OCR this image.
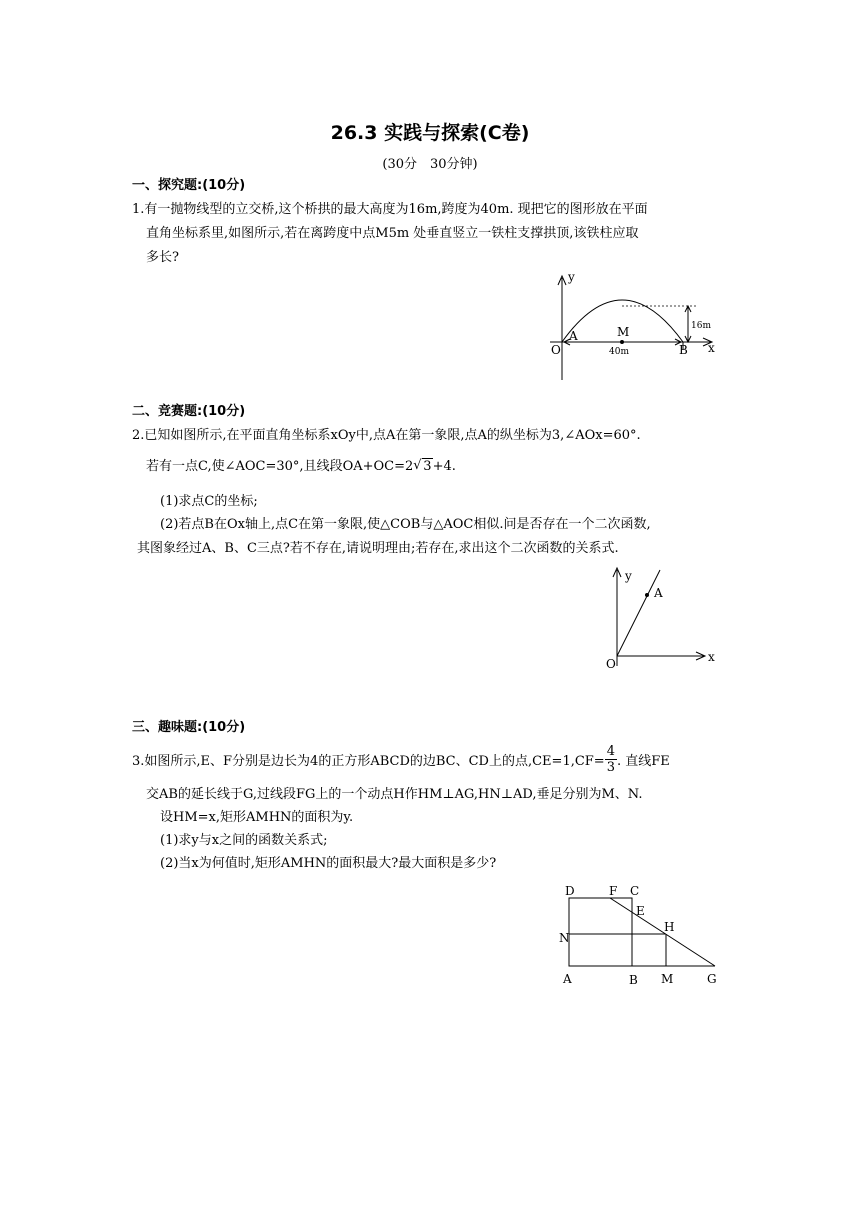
26.3 实践与探索(C卷)
(30分　30分钟)
一、探究题:(10分)
1.有一抛物线型的立交桥,这个桥拱的最大高度为16m,跨度为40m. 现把它的图形放在平面
直角坐标系里,如图所示,若在离跨度中点M5m 处垂直竖立一铁柱支撑拱顶,该铁柱应取
多长?
y
x
O
A	M
B
40m
16m
二、竞赛题:(10分)
2.已知如图所示,在平面直角坐标系xOy中,点A在第一象限,点A的纵坐标为3,∠AOx=60°.
若有一点C,使∠AOC=30°,且线段OA+OC=2√ 3+4.
(1)求点C的坐标;
(2)若点B在Ox轴上,点C在第一象限,使△COB与△AOC相似.问是否存在一个二次函数,
其图象经过A、B、C三点?若不存在,请说明理由;若存在,求出这个二次函数的关系式.
y
x
O
A
三、趣味题:(10分)
3.如图所示,E、F分别是边长为4的正方形ABCD的边BC、CD上的点$,CE=1,CF= \frac{4}{3}$ . 直线FE
交AB的延长线于G,过线段FG上的一个动点H作HM⊥AG,HN⊥AD,垂足分别为M、N.
设HM=x,矩形AMHN的面积为y.
(1)求y与x之间的函数关系式;
(2)当x为何值时,矩形AMHN的面积最大?最大面积是多少?
D	F C
E
H
N
A	B M	G
